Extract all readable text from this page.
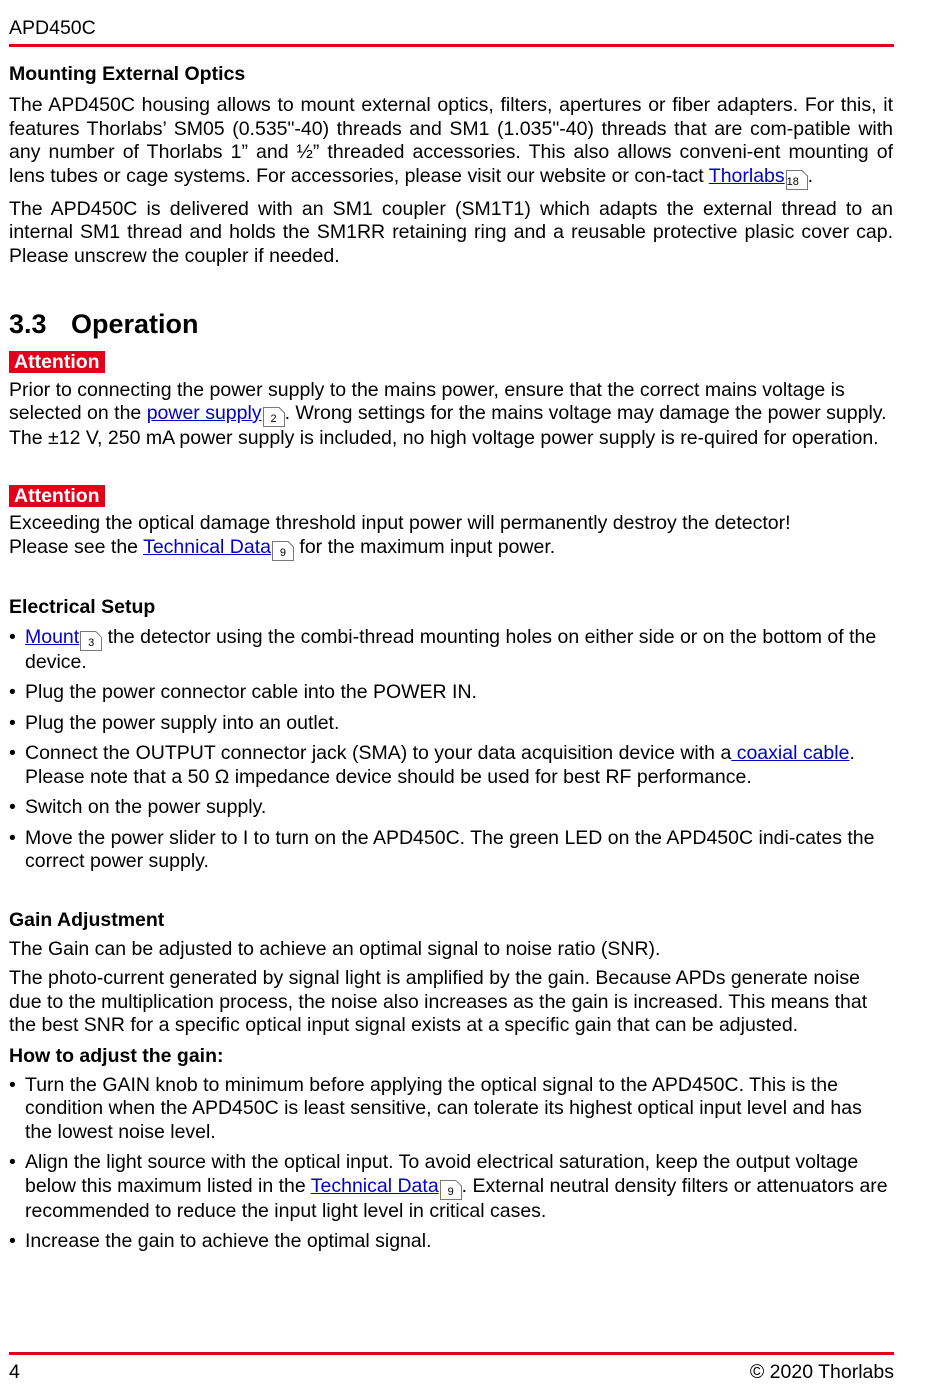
APD450C
Mounting External Optics

The APD450C housing allows to mount external optics, filters, apertures or fiber adapters. For this, it features Thorlabs’ SM05 (0.535"-40) threads and SM1 (1.035"-40) threads that are com-patible with any number of Thorlabs 1” and ½” threaded accessories. This also allows conveni-ent mounting of lens tubes or cage systems. For accessories, please visit our website or con-tact Thorlabs 18 .

The APD450C is delivered with an SM1 coupler (SM1T1) which adapts the external thread to an internal SM1 thread and holds the SM1RR retaining ring and a reusable protective plasic cover cap. Please unscrew the coupler if needed.

3.3 Operation
Attention

Prior to connecting the power supply to the mains power, ensure that the correct mains voltage is selected on the power supply 2 . Wrong settings for the mains voltage may damage the power supply. The ±12 V, 250 mA power supply is included, no high voltage power supply is re-quired for operation.

Attention

Exceeding the optical damage threshold input power will permanently destroy the detector!

Please see the Technical Data 9 for the maximum input power.

Electrical Setup
• Mount 3 the detector using the combi-thread mounting holes on either side or on the bottom of the device.
• Plug the power connector cable into the POWER IN.
• Plug the power supply into an outlet.
• Connect the OUTPUT connector jack (SMA) to your data acquisition device with a coaxial cable. Please note that a 50 Ω impedance device should be used for best RF performance.
• Switch on the power supply.
• Move the power slider to I to turn on the APD450C. The green LED on the APD450C indi-cates the correct power supply.
Gain Adjustment

The Gain can be adjusted to achieve an optimal signal to noise ratio (SNR).

The photo-current generated by signal light is amplified by the gain. Because APDs generate noise due to the multiplication process, the noise also increases as the gain is increased. This means that the best SNR for a specific optical input signal exists at a specific gain that can be adjusted.

How to adjust the gain:
• Turn the GAIN knob to minimum before applying the optical signal to the APD450C. This is the condition when the APD450C is least sensitive, can tolerate its highest optical input level and has the lowest noise level.
• Align the light source with the optical input. To avoid electrical saturation, keep the output voltage below this maximum listed in the Technical Data 9 . External neutral density filters or attenuators are recommended to reduce the input light level in critical cases.
• Increase the gain to achieve the optimal signal.
4	© 2020 Thorlabs
